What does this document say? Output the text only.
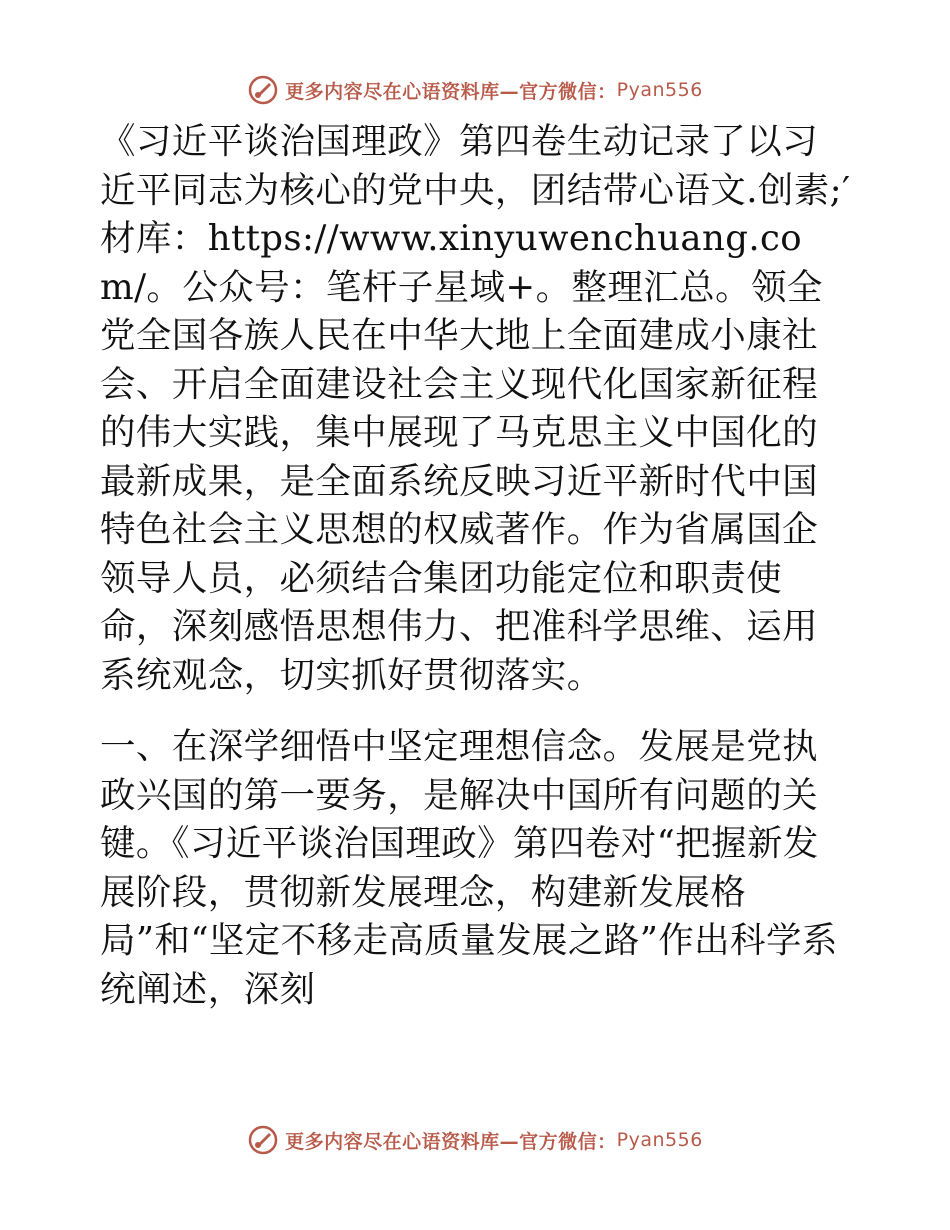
更多内容尽在心语资料库—官方微信： Pyan556

《习近平谈治国理政》第四卷生动记录了以习近平同志为核心的党中央，团结带心语文.创素;′材库：https://www.xinyuwenchuang.com/。公众号：笔杆子星域+。整理汇总。领全党全国各族人民在中华大地上全面建成小康社会、开启全面建设社会主义现代化国家新征程的伟大实践，集中展现了马克思主义中国化的最新成果，是全面系统反映习近平新时代中国特色社会主义思想的权威著作。作为省属国企领导人员，必须结合集团功能定位和职责使命，深刻感悟思想伟力、把准科学思维、运用系统观念，切实抓好贯彻落实。

一、在深学细悟中坚定理想信念。发展是党执政兴国的第一要务，是解决中国所有问题的关键。《习近平谈治国理政》第四卷对“把握新发展阶段，贯彻新发展理念，构建新发展格局”和“坚定不移走高质量发展之路”作出科学系统阐述，深刻

更多内容尽在心语资料库—官方微信： Pyan556
